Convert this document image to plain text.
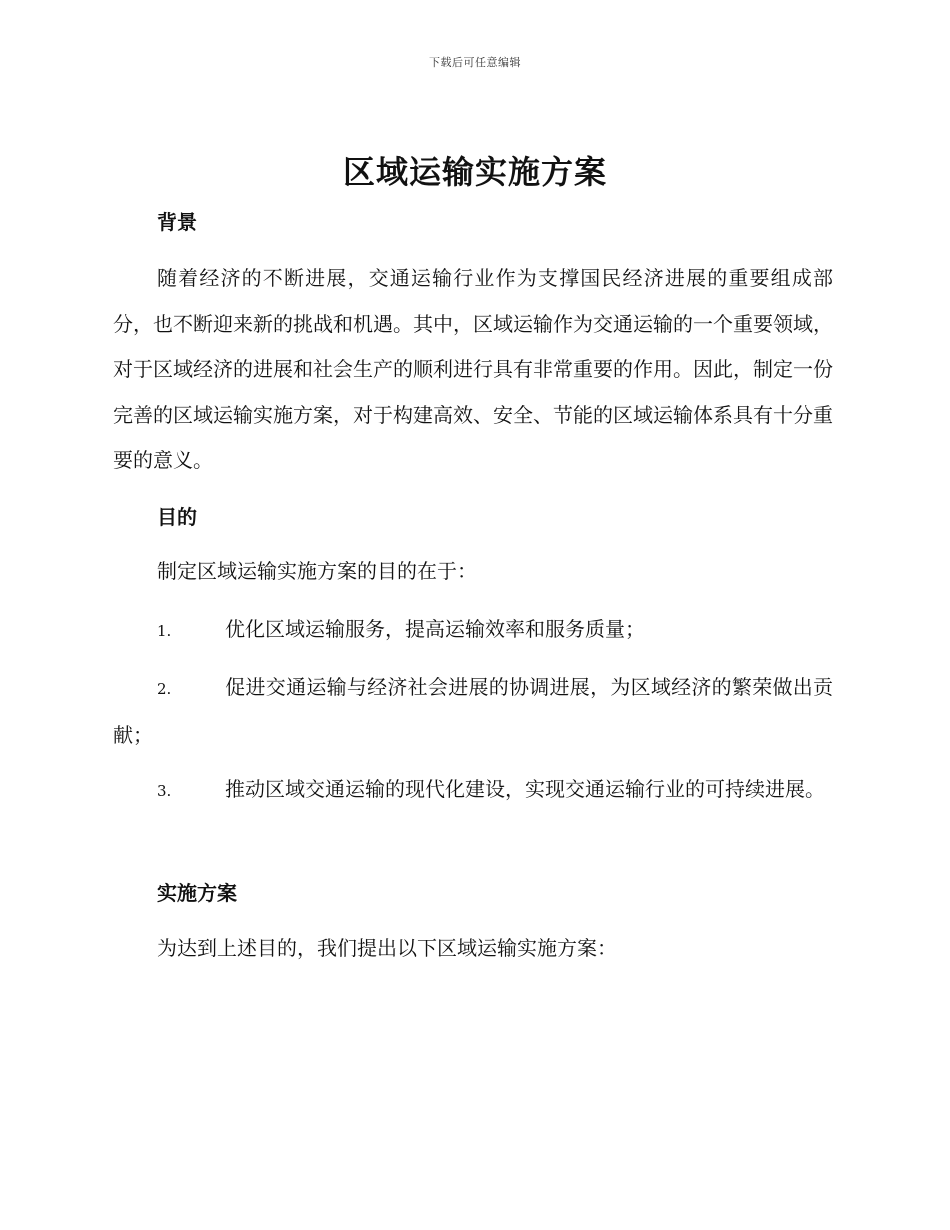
下载后可任意编辑
区域运输实施方案
背景

随着经济的不断进展，交通运输行业作为支撑国民经济进展的重要组成部分，也不断迎来新的挑战和机遇。其中，区域运输作为交通运输的一个重要领域，对于区域经济的进展和社会生产的顺利进行具有非常重要的作用。因此，制定一份完善的区域运输实施方案，对于构建高效、安全、节能的区域运输体系具有十分重要的意义。

目的

制定区域运输实施方案的目的在于：

1.	优化区域运输服务，提高运输效率和服务质量；

2.	促进交通运输与经济社会进展的协调进展，为区域经济的繁荣做出贡献；

3.	推动区域交通运输的现代化建设，实现交通运输行业的可持续进展。

实施方案

为达到上述目的，我们提出以下区域运输实施方案：
